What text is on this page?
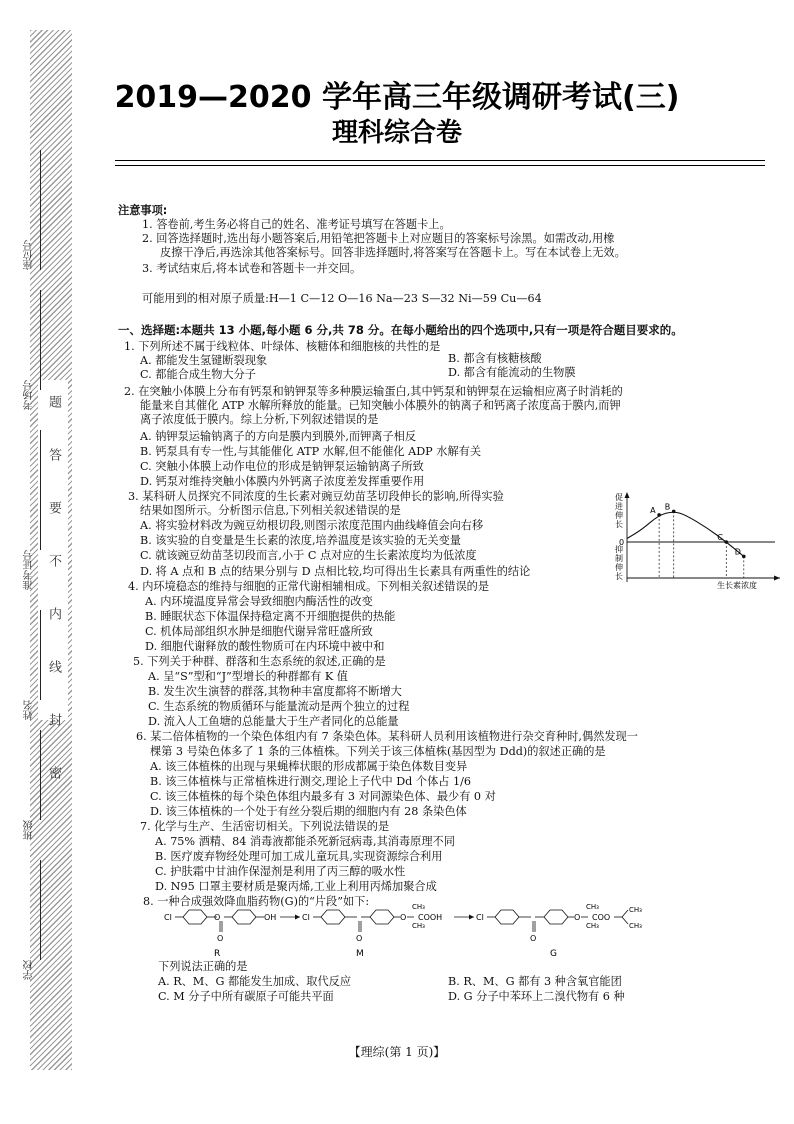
座位号
考场号
准考证号
姓名
班级
学校
题答要不内线封密
2019—2020 学年高三年级调研考试(三)
理科综合卷
注意事项:
1. 答卷前,考生务必将自己的姓名、准考证号填写在答题卡上。
2. 回答选择题时,选出每小题答案后,用铅笔把答题卡上对应题目的答案标号涂黑。如需改动,用橡
皮擦干净后,再选涂其他答案标号。回答非选择题时,将答案写在答题卡上。写在本试卷上无效。
3. 考试结束后,将本试卷和答题卡一并交回。
可能用到的相对原子质量:H—1 C—12 O—16 Na—23 S—32 Ni—59 Cu—64
一、选择题:本题共 13 小题,每小题 6 分,共 78 分。在每小题给出的四个选项中,只有一项是符合题目要求的。
1. 下列所述不属于线粒体、叶绿体、核糖体和细胞核的共性的是
A. 都能发生氢键断裂现象	B. 都含有核糖核酸
C. 都能合成生物大分子	D. 都含有能流动的生物膜
2. 在突触小体膜上分布有钙泵和钠钾泵等多种膜运输蛋白,其中钙泵和钠钾泵在运输相应离子时消耗的
能量来自其催化 ATP 水解所释放的能量。已知突触小体膜外的钠离子和钙离子浓度高于膜内,而钾
离子浓度低于膜内。综上分析,下列叙述错误的是
A. 钠钾泵运输钠离子的方向是膜内到膜外,而钾离子相反
B. 钙泵具有专一性,与其能催化 ATP 水解,但不能催化 ADP 水解有关
C. 突触小体膜上动作电位的形成是钠钾泵运输钠离子所致
D. 钙泵对维持突触小体膜内外钙离子浓度差发挥重要作用
3. 某科研人员探究不同浓度的生长素对豌豆幼苗茎切段伸长的影响,所得实验
结果如图所示。分析图示信息,下列相关叙述错误的是
A. 将实验材料改为豌豆幼根切段,则图示浓度范围内曲线峰值会向右移
B. 该实验的自变量是生长素的浓度,培养温度是该实验的无关变量
C. 就该豌豆幼苗茎切段而言,小于 C 点对应的生长素浓度均为低浓度
D. 将 A 点和 B 点的结果分别与 D 点相比较,均可得出生长素具有两重性的结论
促
进
伸
长
抑
制
伸
长
0
生长素浓度
A B
C
D
4. 内环境稳态的维持与细胞的正常代谢相辅相成。下列相关叙述错误的是
A. 内环境温度异常会导致细胞内酶活性的改变
B. 睡眠状态下体温保持稳定离不开细胞提供的热能
C. 机体局部组织水肿是细胞代谢异常旺盛所致
D. 细胞代谢释放的酸性物质可在内环境中被中和
5. 下列关于种群、群落和生态系统的叙述,正确的是
A. 呈“S”型和“J”型增长的种群都有 K 值
B. 发生次生演替的群落,其物种丰富度都将不断增大
C. 生态系统的物质循环与能量流动是两个独立的过程
D. 流入人工鱼塘的总能量大于生产者同化的总能量
6. 某二倍体植物的一个染色体组内有 7 条染色体。某科研人员利用该植物进行杂交育种时,偶然发现一
棵第 3 号染色体多了 1 条的三体植株。下列关于该三体植株(基因型为 Ddd)的叙述正确的是
A. 该三体植株的出现与果蝇棒状眼的形成都属于染色体数目变异
B. 该三体植株与正常植株进行测交,理论上子代中 Dd 个体占 1/6
C. 该三体植株的每个染色体组内最多有 3 对同源染色体、最少有 0 对
D. 该三体植株的一个处于有丝分裂后期的细胞内有 28 条染色体
7. 化学与生产、生活密切相关。下列说法错误的是
A. 75% 酒精、84 消毒液都能杀死新冠病毒,其消毒原理不同
B. 医疗废弃物经处理可加工成儿童玩具,实现资源综合利用
C. 护肤霜中甘油作保湿剂是利用了丙三醇的吸水性
D. N95 口罩主要材质是聚丙烯,工业上利用丙烯加聚合成
8. 一种合成强效降血脂药物(G)的“片段”如下:
Cl	O
O
OH
R
Cl
O
O
CH₃
CH₃
COOH
M
Cl
O
O
CH₃
CH₃
COO
CH₃
CH₃
G
下列说法正确的是
A. R、M、G 都能发生加成、取代反应	B. R、M、G 都有 3 种含氧官能团
C. M 分子中所有碳原子可能共平面	D. G 分子中苯环上二溴代物有 6 种
【理综(第 1 页)】
